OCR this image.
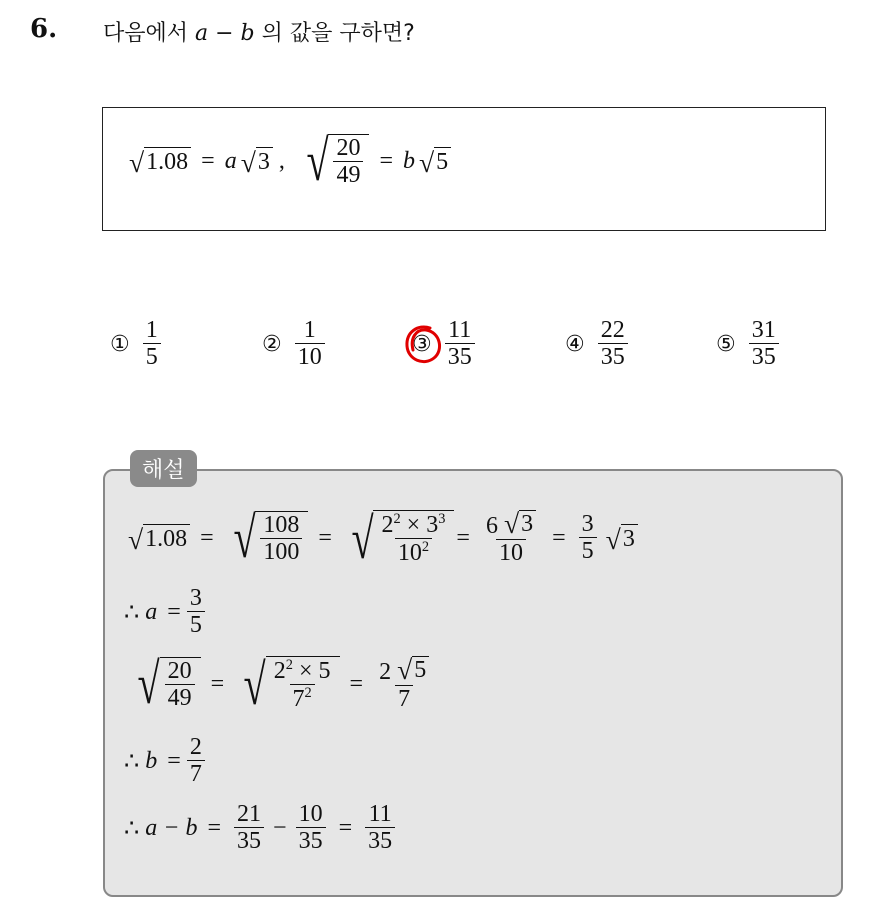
6. 다음에서 a − b 의 값을 구하면?
√ 1.08 = a √ 3 , √ $\frac{20}{49} = b$ √ 5
① $\frac{1}{5}$	② $\frac{1}{10}$	③ $\frac{11}{35}$	④ $\frac{22}{35}$	⑤ $\frac{31}{35}$
해설
√ 1.08 = √ $\frac{108}{100}$ = √ $\frac{2^2 \times 3^3}{10^2} = \frac{6 √ 3}{10} = \frac{3}{5}$ √ 3
∴
$a = \frac{3}{5}$
√ $\frac{20}{49}$ = √ $\frac{2^2 \times 5}{7^2} = \frac{2 √ 5}{7}$
∴
$b = \frac{2}{7}$
∴
$a - b = \frac{21}{35} - \frac{10}{35} = \frac{11}{35}$
